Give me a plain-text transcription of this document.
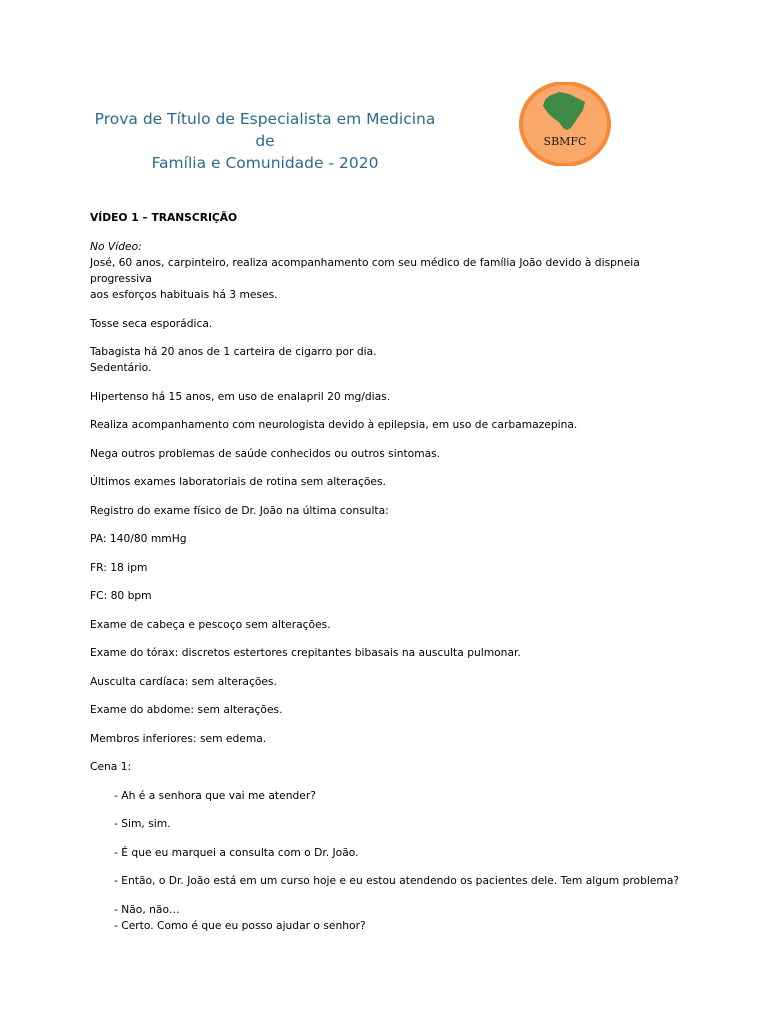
Prova de Título de Especialista em Medicina de
Família e Comunidade - 2020
SBMFC
VÍDEO 1 – TRANSCRIÇÃO
No Vídeo:
José, 60 anos, carpinteiro, realiza acompanhamento com seu médico de família João devido à dispneia progressiva
aos esforços habituais há 3 meses.
Tosse seca esporádica.
Tabagista há 20 anos de 1 carteira de cigarro por dia.
Sedentário.
Hipertenso há 15 anos, em uso de enalapril 20 mg/dias.
Realiza acompanhamento com neurologista devido à epilepsia, em uso de carbamazepina.
Nega outros problemas de saúde conhecidos ou outros sintomas.
Últimos exames laboratoriais de rotina sem alterações.
Registro do exame físico de Dr. João na última consulta:
PA: 140/80 mmHg
FR: 18 ipm
FC: 80 bpm
Exame de cabeça e pescoço sem alterações.
Exame do tórax: discretos estertores crepitantes bibasais na ausculta pulmonar.
Ausculta cardíaca: sem alterações.
Exame do abdome: sem alterações.
Membros inferiores: sem edema.
Cena 1:
- Ah é a senhora que vai me atender?
- Sim, sim.
- É que eu marquei a consulta com o Dr. João.
- Então, o Dr. João está em um curso hoje e eu estou atendendo os pacientes dele. Tem algum problema?
- Não, não…
- Certo. Como é que eu posso ajudar o senhor?
